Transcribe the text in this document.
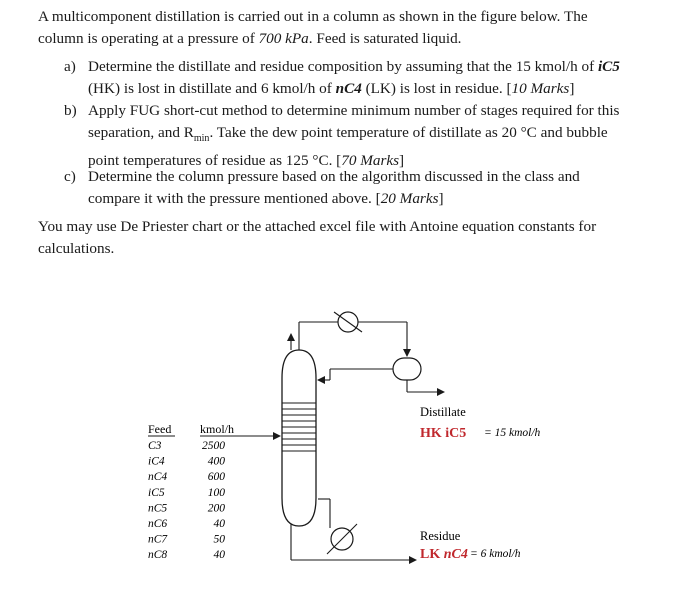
A multicomponent distillation is carried out in a column as shown in the figure below. The
column is operating at a pressure of 700 kPa. Feed is saturated liquid.
a) Determine the distillate and residue composition by assuming that the 15 kmol/h of iC5
(HK) is lost in distillate and 6 kmol/h of nC4 (LK) is lost in residue. [10 Marks]
b) Apply FUG short-cut method to determine minimum number of stages required for this
separation, and $R_{min}$. Take the dew point temperature of distillate as 20 °C and bubble
point temperatures of residue as 125 °C. [70 Marks]
c) Determine the column pressure based on the algorithm discussed in the class and
compare it with the pressure mentioned above. [20 Marks]
You may use De Priester chart or the attached excel file with Antoine equation constants for
calculations.
Feed kmol/h
C3	2500
iC4	400
nC4	600
iC5	100
nC5	200
nC6	40
nC7	50
nC8	40
Distillate
HK iC5 = 15 kmol/h
Residue
LK nC4 = 6 kmol/h
